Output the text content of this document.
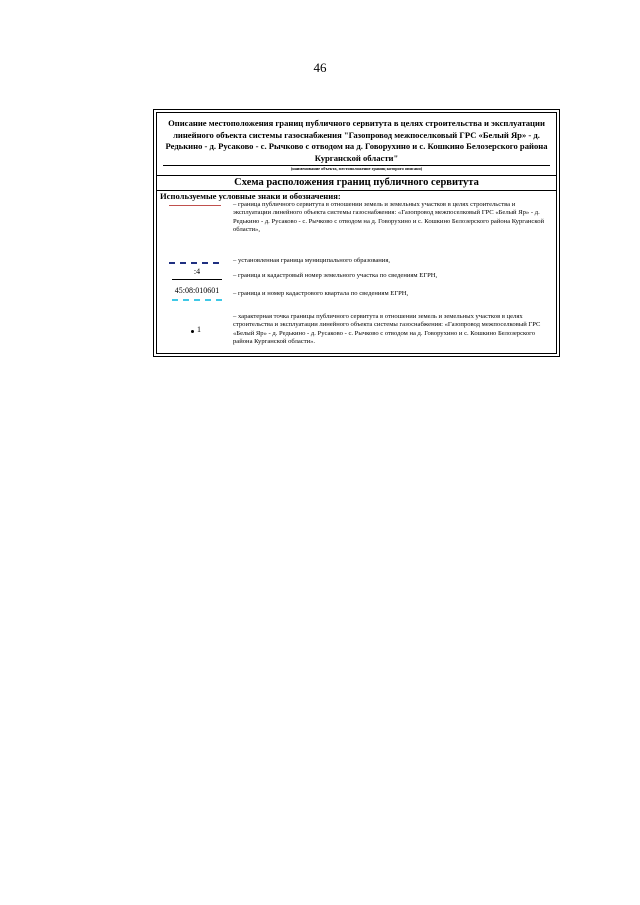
46
Описание местоположения границ публичного сервитута в целях строительства и эксплуатации линейного объекта системы газоснабжения "Газопровод межпоселковый ГРС «Белый Яр» - д. Редькино - д. Русаково - с. Рычково с отводом на д. Говорухино и с. Кошкино Белозерского района Курганской области"
(наименование объекта, местоположение границ которого описано)
Схема расположения границ публичного сервитута
Используемые условные знаки и обозначения:
– граница публичного сервитута в отношении земель и земельных участков в целях строительства и эксплуатации линейного объекта системы газоснабжения: «Газопровод межпоселковый ГРС «Белый Яр» - д. Редькино - д. Русаково - с. Рычково с отводом на д. Говорухино и с. Кошкино Белозерского района Курганской области»,
– установленная граница муниципального образования,
:4	– граница и кадастровый номер земельного участка по сведениям ЕГРН,
45:08:010601	– граница и номер кадастрового квартала по сведениям ЕГРН,
1
– характерная точка границы публичного сервитута в отношении земель и земельных участков в целях строительства и эксплуатации линейного объекта системы газоснабжения: «Газопровод межпоселковый ГРС «Белый Яр» - д. Редькино - д. Русаково - с. Рычково с отводом на д. Говорухино и с. Кошкино Белозерского района Курганской области».
